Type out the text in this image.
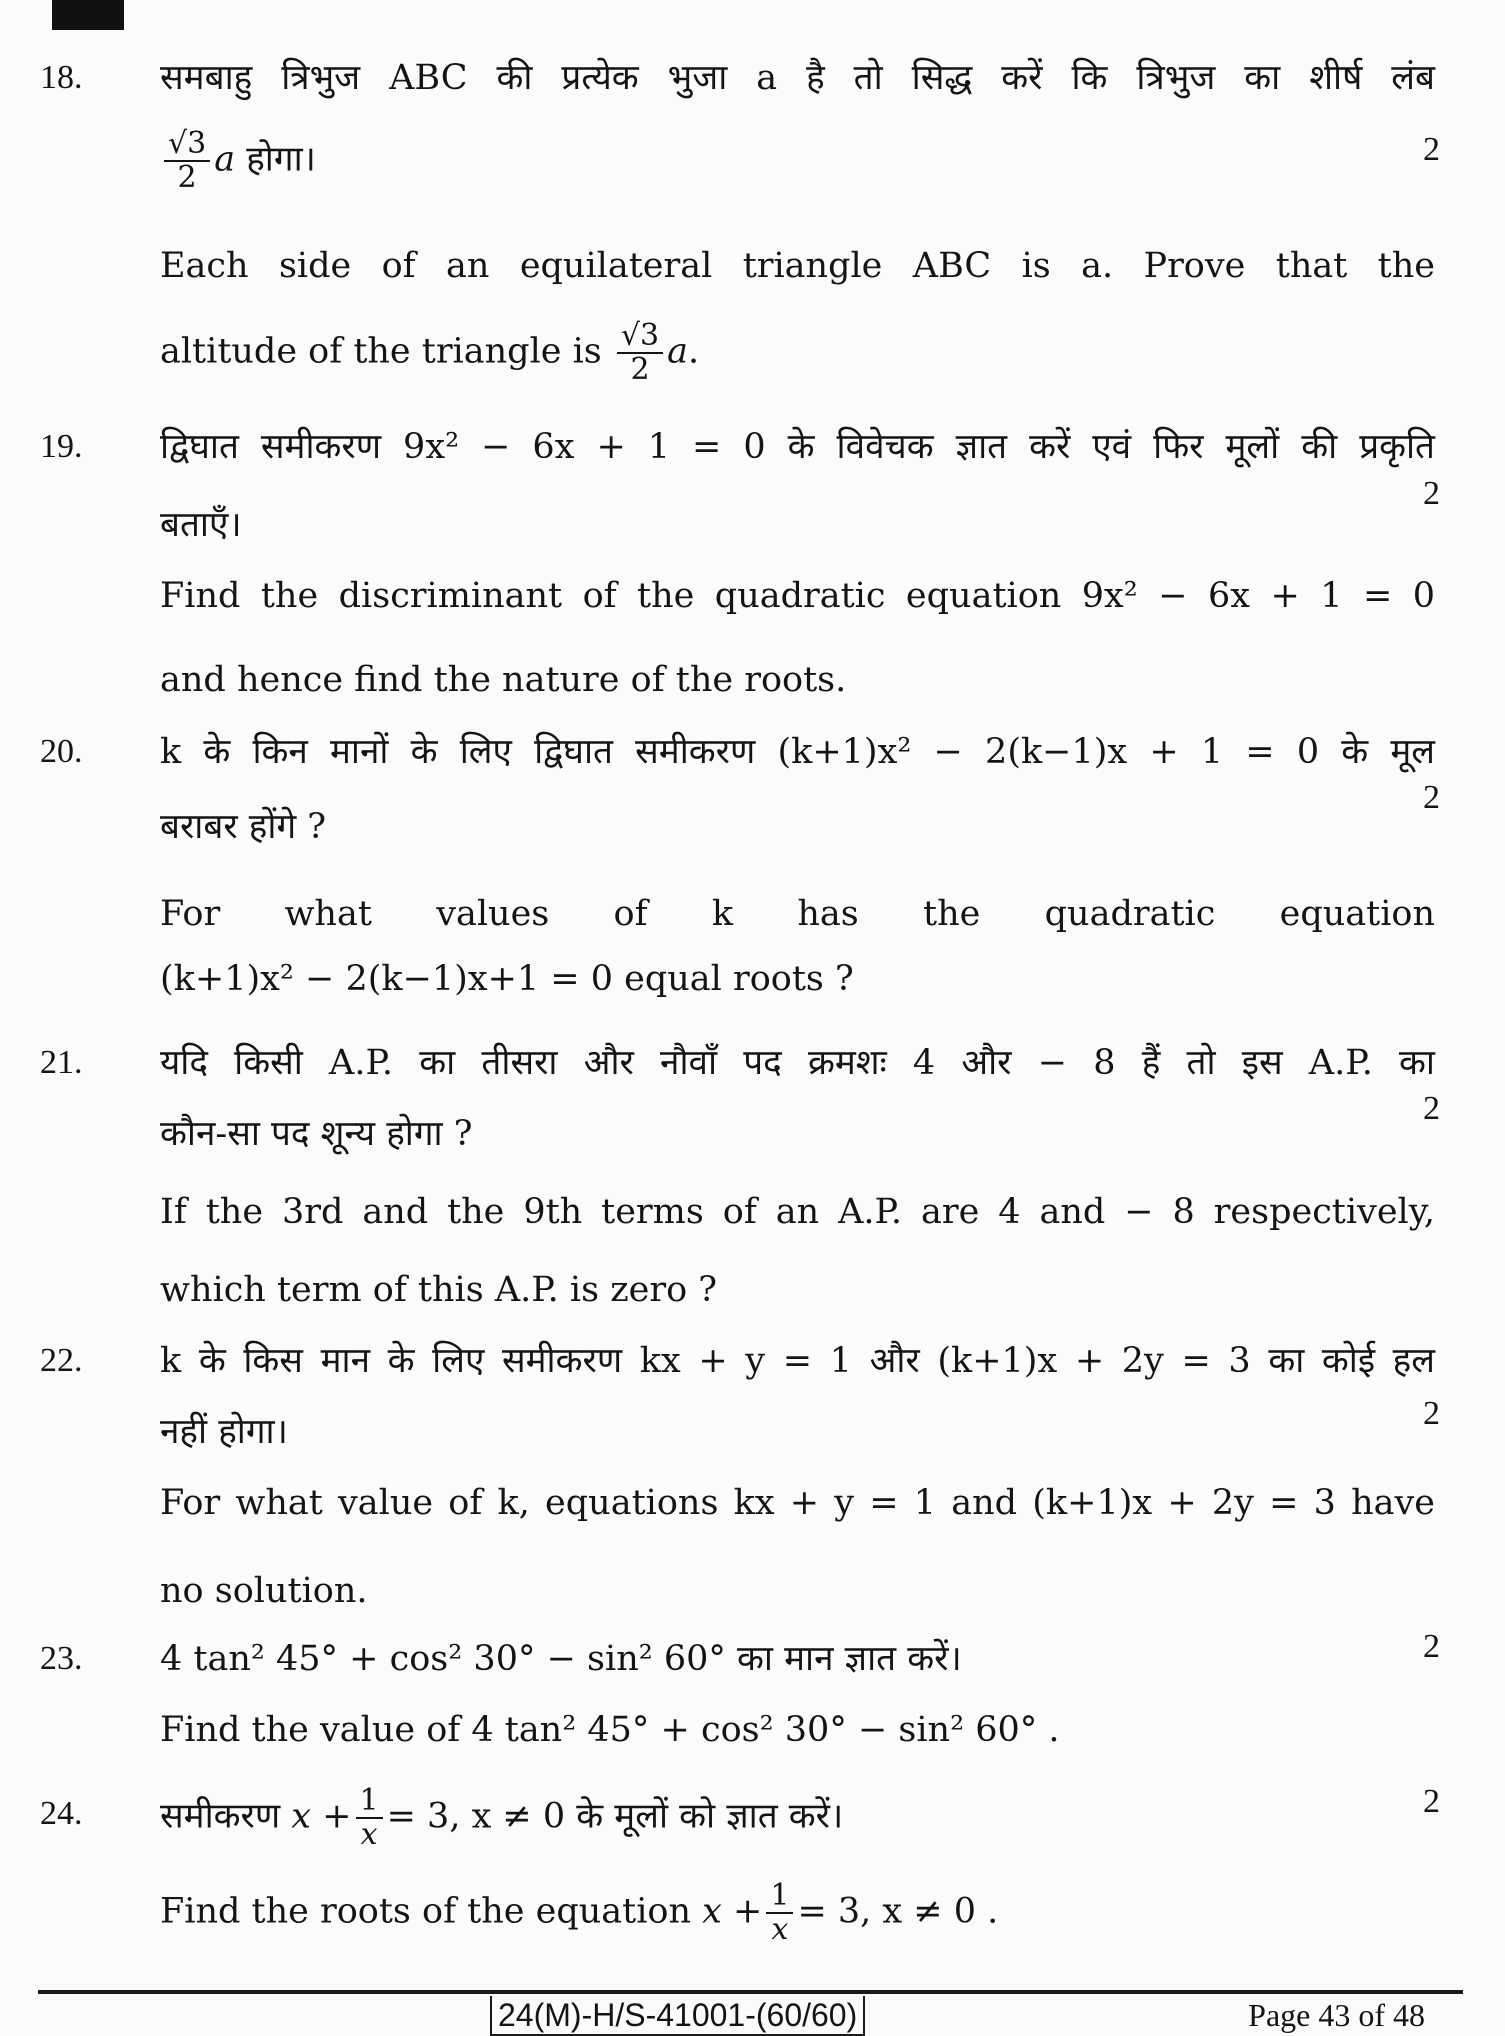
18. समबाहु त्रिभुज ABC की प्रत्येक भुजा a है तो सिद्ध करें कि त्रिभुज का शीर्ष लंब
$\frac{√3}{2}$ a होगा।	2
Each side of an equilateral triangle ABC is a. Prove that the
altitude of the triangle is $\frac{√3}{2} a$.
19. द्विघात समीकरण 9x² − 6x + 1 = 0 के विवेचक ज्ञात करें एवं फिर मूलों की प्रकृति
2
बताएँ।
Find the discriminant of the quadratic equation 9x² − 6x + 1 = 0
and hence find the nature of the roots.
20. k के किन मानों के लिए द्विघात समीकरण (k+1)x² − 2(k−1)x + 1 = 0 के मूल
2
बराबर होंगे ?
For what values of k has the quadratic equation
(k+1)x² − 2(k−1)x+1 = 0 equal roots ?
21. यदि किसी A.P. का तीसरा और नौवाँ पद क्रमशः 4 और − 8 हैं तो इस A.P. का
2
कौन-सा पद शून्य होगा ?
If the 3rd and the 9th terms of an A.P. are 4 and − 8 respectively,
which term of this A.P. is zero ?
22. k के किस मान के लिए समीकरण kx + y = 1 और (k+1)x + 2y = 3 का कोई हल
2
नहीं होगा।
For what value of k, equations kx + y = 1 and (k+1)x + 2y = 3 have
no solution.
23. 4 tan² 45° + cos² 30° − sin² 60° का मान ज्ञात करें।	2
Find the value of 4 tan² 45° + cos² 30° − sin² 60° .
24. समीकरण $x + \frac{1}{x} = 3$, x ≠ 0 के मूलों को ज्ञात करें।	2
Find the roots of the equation $x + \frac{1}{x} = 3$, x ≠ 0 .
24(M)-H/S-41001-(60/60)	Page 43 of 48
